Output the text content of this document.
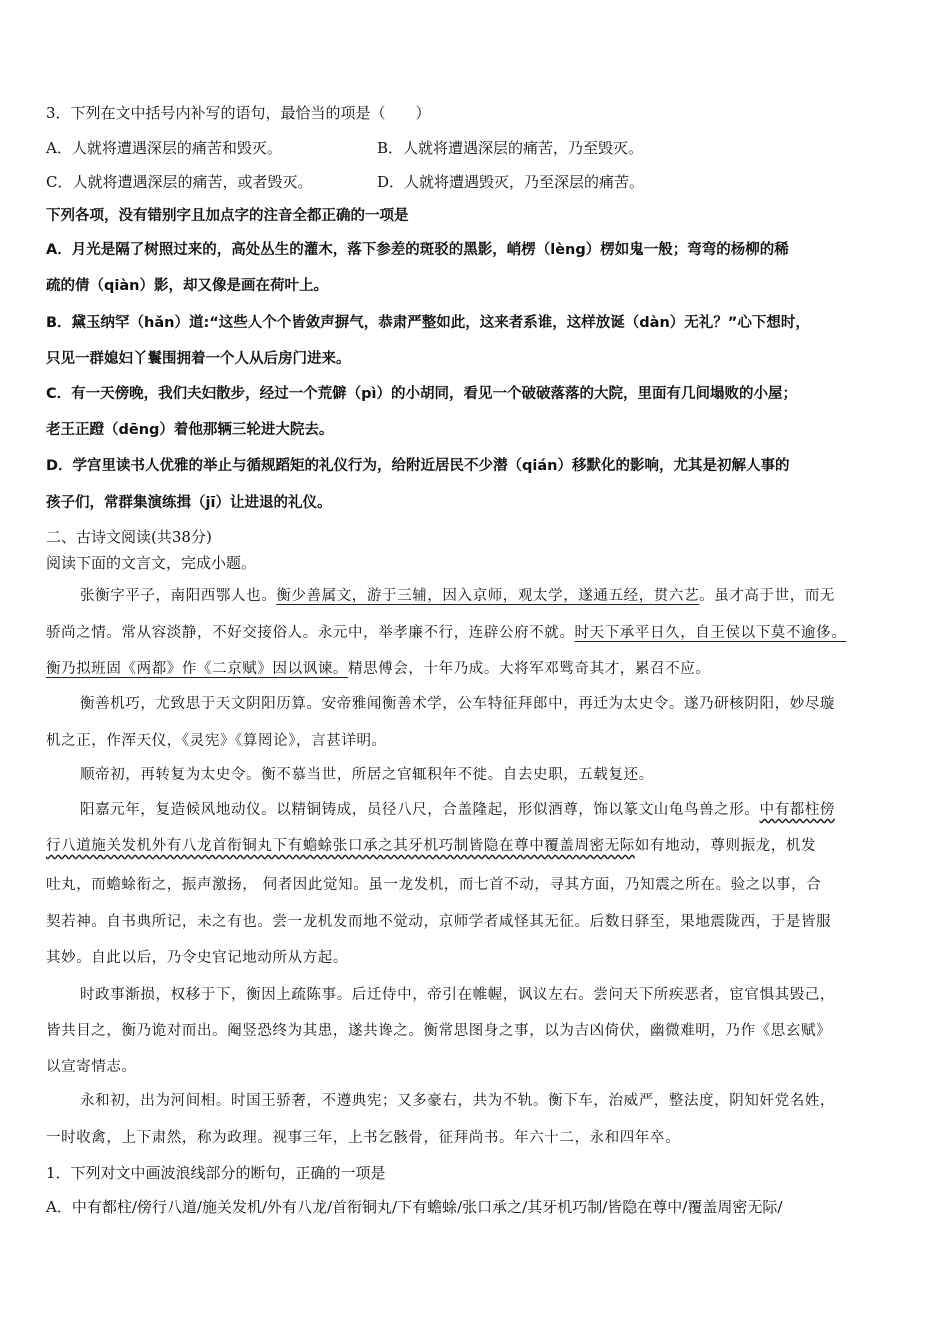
3．下列在文中括号内补写的语句，最恰当的项是（　　）
A．人就将遭遇深层的痛苦和毁灭。	B．人就将遭遇深层的痛苦，乃至毁灭。
C．人就将遭遇深层的痛苦，或者毁灭。	D．人就将遭遇毁灭，乃至深层的痛苦。
下列各项，没有错别字且加点字的注音全都正确的一项是
A．月光是隔了树照过来的，高处丛生的灌木，落下参差的斑驳的黑影，峭楞（lèng）楞如鬼一般；弯弯的杨柳的稀
疏的倩（qiàn）影，却又像是画在荷叶上。
B．黛玉纳罕（hǎn）道:“这些人个个皆敛声摒气，恭肃严整如此，这来者系谁，这样放诞（dàn）无礼？”心下想时，
只见一群媳妇丫鬟围拥着一个人从后房门进来。
C．有一天傍晚，我们夫妇散步，经过一个荒僻（pì）的小胡同，看见一个破破落落的大院，里面有几间塌败的小屋；
老王正蹬（dēng）着他那辆三轮进大院去。
D．学宫里读书人优雅的举止与循规蹈矩的礼仪行为，给附近居民不少潜（qián）移默化的影响，尤其是初解人事的
孩子们，常群集演练揖（jī）让进退的礼仪。
二、古诗文阅读(共38分)
阅读下面的文言文，完成小题。
张衡字平子，南阳西鄂人也。衡少善属文，游于三辅，因入京师，观太学，遂通五经，贯六艺。虽才高于世，而无
骄尚之情。常从容淡静，不好交接俗人。永元中，举孝廉不行，连辟公府不就。时天下承平日久，自王侯以下莫不逾侈。
衡乃拟班固《两都》作《二京赋》因以讽谏。精思傅会，十年乃成。大将军邓骘奇其才，累召不应。
衡善机巧，尤致思于天文阴阳历算。安帝雅闻衡善术学，公车特征拜郎中，再迁为太史令。遂乃研核阴阳，妙尽璇
机之正，作浑天仪，《灵宪》《算罔论》，言甚详明。
顺帝初，再转复为太史令。衡不慕当世，所居之官辄积年不徙。自去史职，五载复还。
阳嘉元年，复造候风地动仪。以精铜铸成，员径八尺，合盖隆起，形似酒尊，饰以篆文山龟鸟兽之形。中有都柱傍
行八道施关发机外有八龙首衔铜丸下有蟾蜍张口承之其牙机巧制皆隐在尊中覆盖周密无际如有地动，尊则振龙，机发
吐丸，而蟾蜍衔之，振声激扬， 伺者因此觉知。虽一龙发机，而七首不动，寻其方面，乃知震之所在。验之以事，合
契若神。自书典所记，未之有也。尝一龙机发而地不觉动，京师学者咸怪其无征。后数日驿至，果地震陇西，于是皆服
其妙。自此以后，乃令史官记地动所从方起。
时政事渐损，权移于下，衡因上疏陈事。后迁侍中，帝引在帷幄，讽议左右。尝问天下所疾恶者，宦官惧其毁己，
皆共目之，衡乃诡对而出。阉竖恐终为其患，遂共谗之。衡常思图身之事，以为吉凶倚伏，幽微难明，乃作《思玄赋》
以宣寄情志。
永和初，出为河间相。时国王骄奢，不遵典宪；又多豪右，共为不轨。衡下车，治威严，整法度，阴知奸党名姓，
一时收禽，上下肃然，称为政理。视事三年，上书乞骸骨，征拜尚书。年六十二，永和四年卒。
1．下列对文中画波浪线部分的断句，正确的一项是
A．中有都柱/傍行八道/施关发机/外有八龙/首衔铜丸/下有蟾蜍/张口承之/其牙机巧制/皆隐在尊中/覆盖周密无际/
